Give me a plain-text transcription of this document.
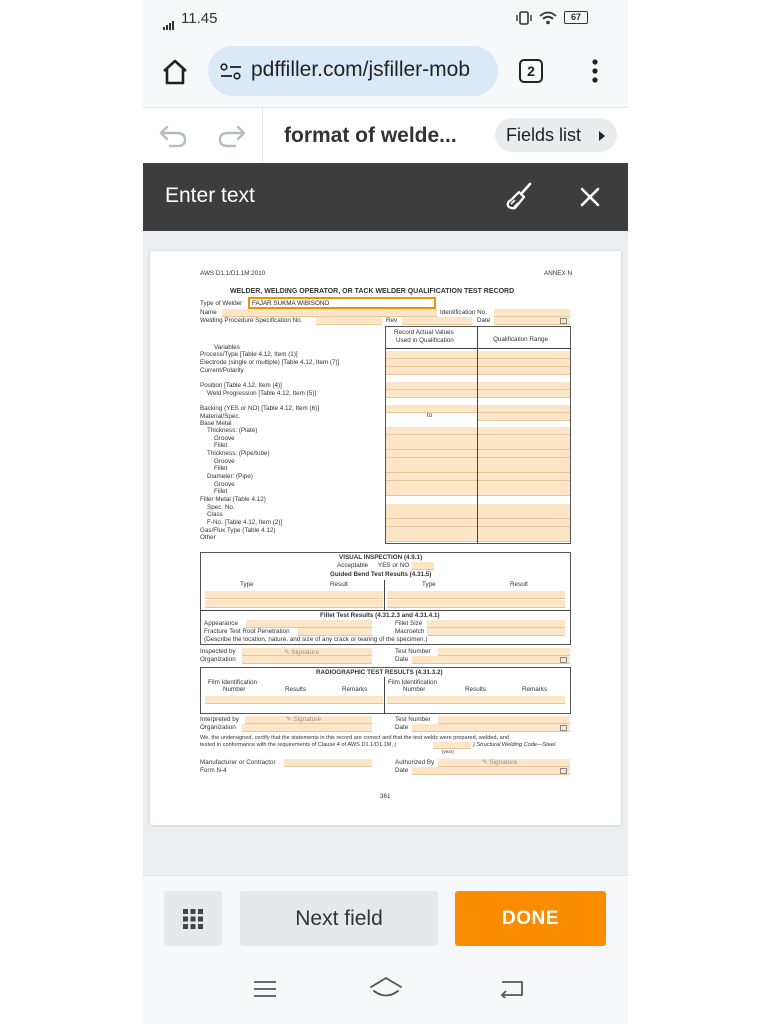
11.45	67
pdffiller.com/jsfiller-mob	2
format of welde...	Fields list
Enter text
AWS D1.1/D1.1M:2010	ANNEX N
WELDER, WELDING OPERATOR, OR TACK WELDER QUALIFICATION TEST RECORD
Type of Welder FAJAR SUKMA WIBISONO
Name	Identification No.
Welding Procedure Specification No.	Rev	Date
Record Actual Values
Used in Qualification	Qualification Range
Variables
Process/Type [Table 4.12, Item (1)]
Electrode (single or multiple) [Table 4.12, Item (7)]
Current/Polarity
Position [Table 4.12, Item (4)]
Weld Progression [Table 4.12, Item (5)]
Backing (YES or NO) [Table 4.12, Item (6)]
Material/Spec.
Base Metal
Thickness: (Plate)
Groove
Fillet
Thickness: (Pipe/tube)
Groove
Fillet
Diameter: (Pipe)
Groove
Fillet
Filler Metal (Table 4.12)
Spec. No.
Class
F-No. [Table 4.12, Item (2)]
Gas/Flux Type (Table 4.12)
Other
to
VISUAL INSPECTION (4.9.1)
Acceptable YES or NO
Guided Bend Test Results (4.31.5)
Type	Result	Type	Result
Fillet Test Results (4.31.2.3 and 4.31.4.1)
Appearance	Fillet Size
Fracture Test Root Penetration	Macroetch
(Describe the location, nature, and size of any crack or tearing of the specimen.)
Inspected by	✎ Signature	Test Number
Organization	Date
RADIOGRAPHIC TEST RESULTS (4.31.3.2)
Film Identification	Film Identification
Number	Results	Remarks	Number	Results	Remarks
Interpreted by	✎ Signature	Test Number
Organization	Date
We, the undersigned, certify that the statements in this record are correct and that the test welds were prepared, welded, and
tested in conformance with the requirements of Clause 4 of AWS D1.1/D1.1M, (	) Structural Welding Code—Steel.
(year)
Manufacturer or Contractor	Authorized By	✎ Signature
Form N-4	Date
361
Next field	DONE
